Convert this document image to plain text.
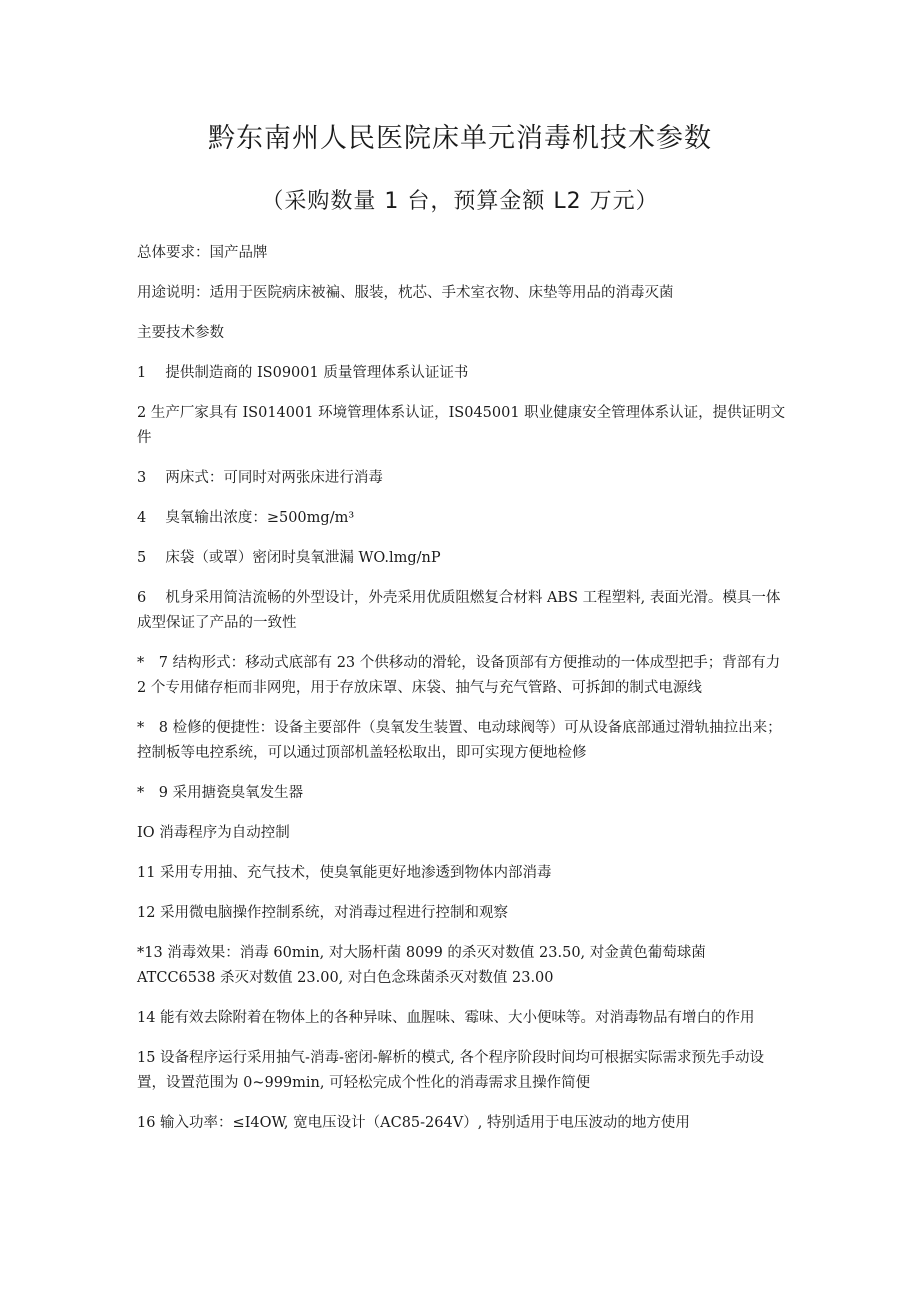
黔东南州人民医院床单元消毒机技术参数
（采购数量 1 台，预算金额 L2 万元）

总体要求：国产品牌

用途说明：适用于医院病床被褊、服装，枕芯、手术室衣物、床垫等用品的消毒灭菌

主要技术参数

1　 提供制造商的 IS09001 质量管理体系认证证书

2 生产厂家具有 IS014001 环境管理体系认证，IS045001 职业健康安全管理体系认证，提供证明文件

3　 两床式：可同时对两张床进行消毒

4　 臭氧输出浓度：≥500mg/m³

5　 床袋（或罩）密闭时臭氧泄漏 WO.lmg/nP

6　 机身采用简洁流畅的外型设计，外壳采用优质阻燃复合材料 ABS 工程塑料, 表面光滑。模具一体成型保证了产品的一致性

*　7 结构形式：移动式底部有 23 个供移动的滑轮，设备顶部有方便推动的一体成型把手；背部有力 2 个专用储存柜而非网兜，用于存放床罩、床袋、抽气与充气管路、可拆卸的制式电源线

*　8 检修的便捷性：设备主要部件（臭氧发生装置、电动球阀等）可从设备底部通过滑轨抽拉出来；控制板等电控系统，可以通过顶部机盖轻松取出，即可实现方便地检修

*　9 采用搪瓷臭氧发生器

IO 消毒程序为自动控制

11 采用专用抽、充气技术，使臭氧能更好地渗透到物体内部消毒

12 采用微电脑操作控制系统，对消毒过程进行控制和观察

*13 消毒效果：消毒 60min, 对大肠杆菌 8099 的杀灭对数值 23.50, 对金黄色葡萄球菌 ATCC6538 杀灭对数值 23.00, 对白色念珠菌杀灭对数值 23.00

14 能有效去除附着在物体上的各种异味、血腥味、霉味、大小便味等。对消毒物品有增白的作用

15 设备程序运行采用抽气-消毒-密闭-解析的模式, 各个程序阶段时间均可根据实际需求预先手动设置，设置范围为 0~999min, 可轻松完成个性化的消毒需求且操作简便

16 输入功率：≤I4OW, 宽电压设计（AC85-264V）, 特别适用于电压波动的地方使用
